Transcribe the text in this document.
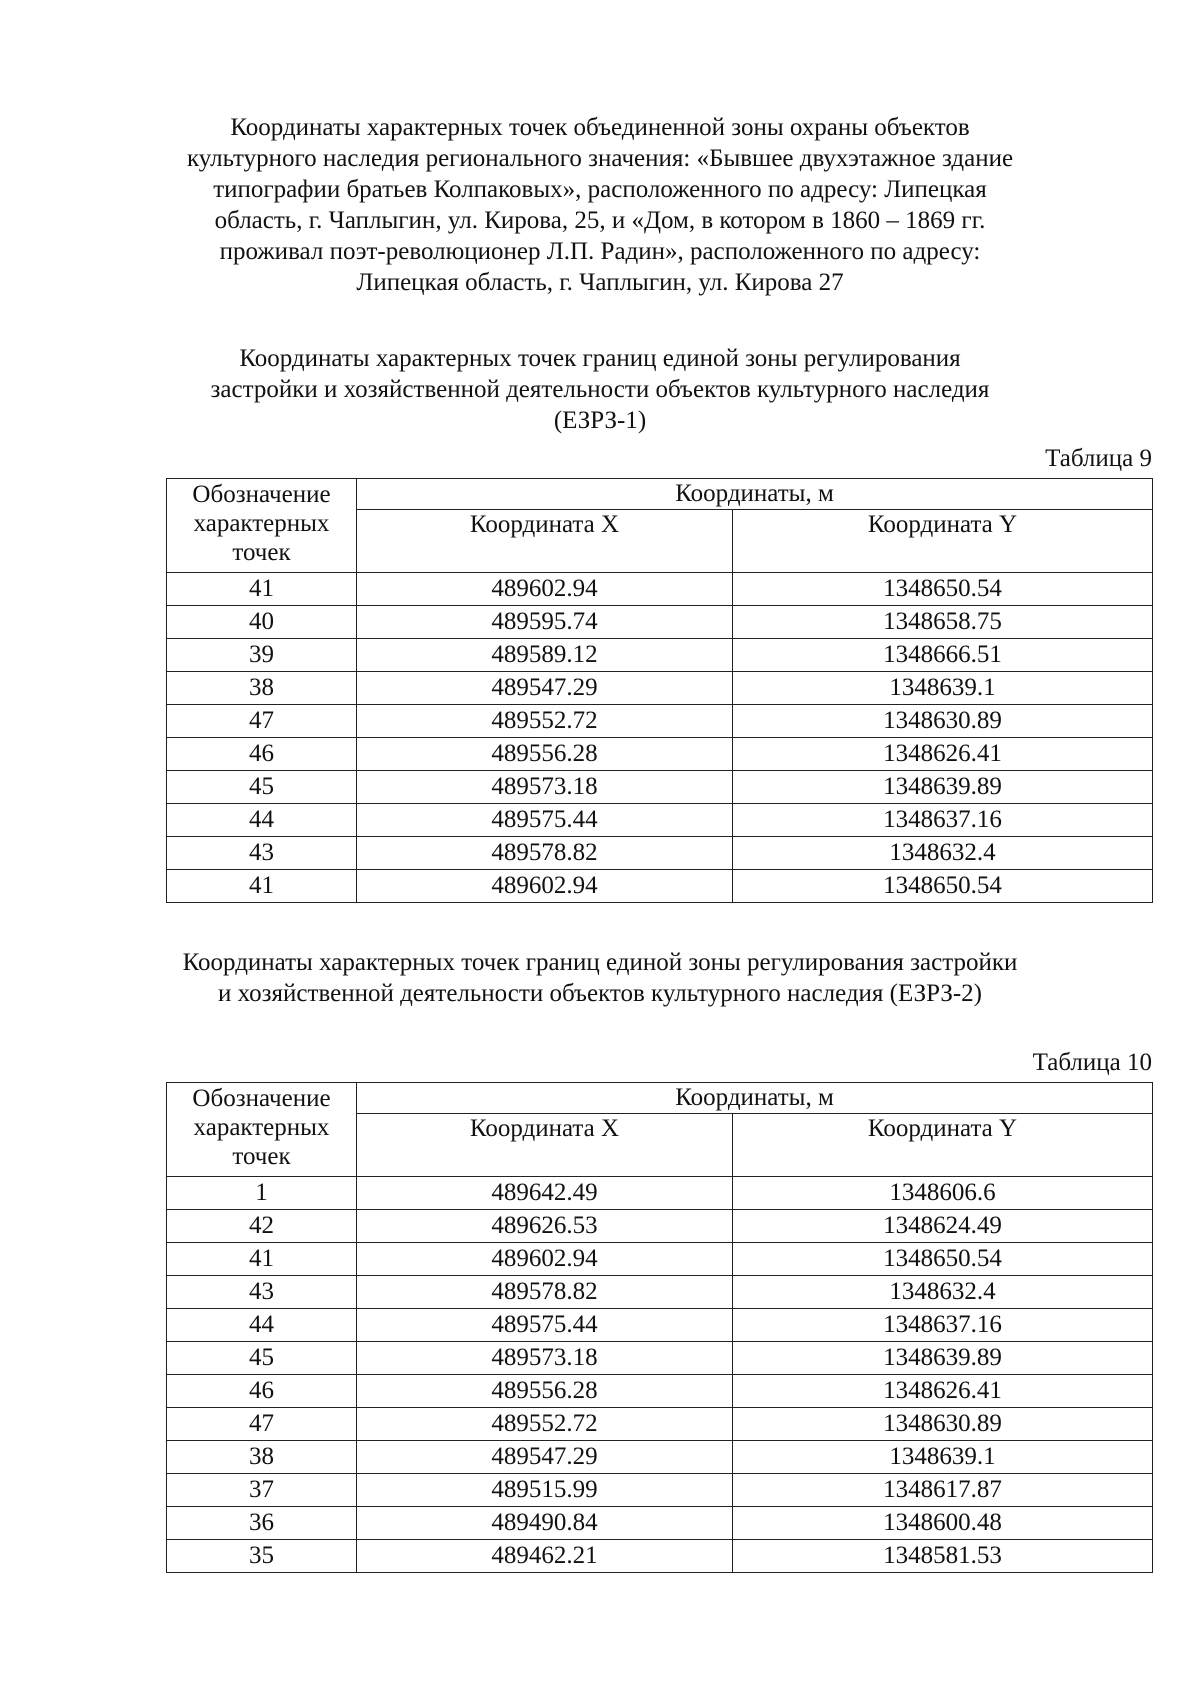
Координаты характерных точек объединенной зоны охраны объектов
культурного наследия регионального значения: «Бывшее двухэтажное здание
типографии братьев Колпаковых», расположенного по адресу: Липецкая
область, г. Чаплыгин, ул. Кирова, 25, и «Дом, в котором в 1860 – 1869 гг.
проживал поэт-революционер Л.П. Радин», расположенного по адресу:
Липецкая область, г. Чаплыгин, ул. Кирова 27
Координаты характерных точек границ единой зоны регулирования
застройки и хозяйственной деятельности объектов культурного наследия
(ЕЗРЗ-1)
Таблица 9
Обозначение
характерных
точек	Координаты, м	
	Координата X	Координата Y
41	489602.94	1348650.54
40	489595.74	1348658.75
39	489589.12	1348666.51
38	489547.29	1348639.1
47	489552.72	1348630.89
46	489556.28	1348626.41
45	489573.18	1348639.89
44	489575.44	1348637.16
43	489578.82	1348632.4
41	489602.94	1348650.54
Координаты характерных точек границ единой зоны регулирования застройки
и хозяйственной деятельности объектов культурного наследия (ЕЗРЗ-2)
Таблица 10
Обозначение
характерных
точек	Координаты, м	
	Координата X	Координата Y
1	489642.49	1348606.6
42	489626.53	1348624.49
41	489602.94	1348650.54
43	489578.82	1348632.4
44	489575.44	1348637.16
45	489573.18	1348639.89
46	489556.28	1348626.41
47	489552.72	1348630.89
38	489547.29	1348639.1
37	489515.99	1348617.87
36	489490.84	1348600.48
35	489462.21	1348581.53
